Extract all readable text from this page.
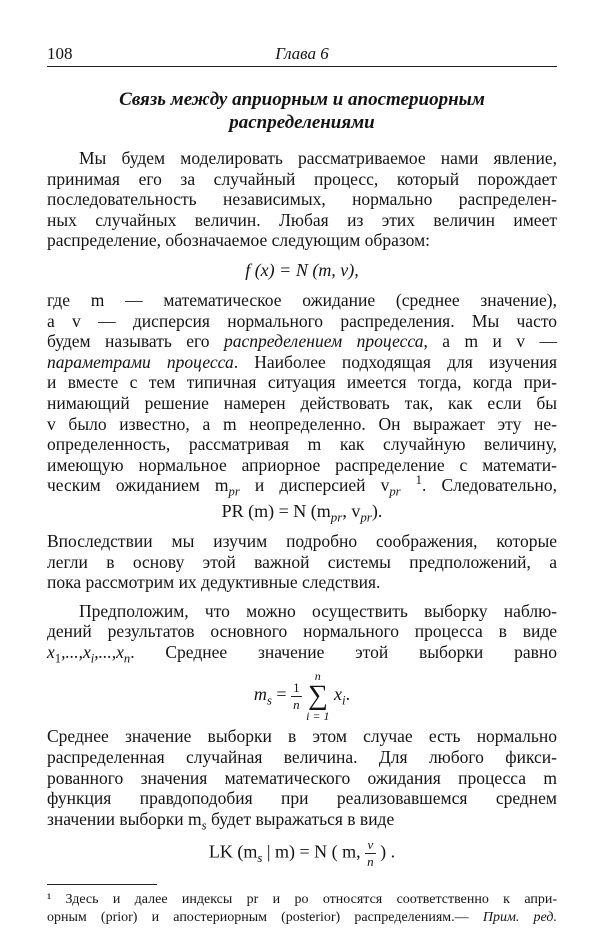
108	Глава 6
Связь между априорным и апостериорным
распределениями

Мы будем моделировать рассматриваемое нами явление,
принимая его за случайный процесс, который порождает
последовательность независимых, нормально распределен-
ных случайных величин. Любая из этих величин имеет
распределение, обозначаемое следующим образом:

f (x) = N (m, v),

где m — математическое ожидание (среднее значение),
а v — дисперсия нормального распределения. Мы часто
будем называть его распределением процесса, а m и v —
параметрами процесса. Наиболее подходящая для изучения
и вместе с тем типичная ситуация имеется тогда, когда при-
нимающий решение намерен действовать так, как если бы
v было известно, а m неопределенно. Он выражает эту не-
определенность, рассматривая m как случайную величину,
имеющую нормальное априорное распределение с математи-
ческим ожиданием $m_{pr}$ и дисперсией $v_{pr}$ $^1$. Следовательно,

PR (m) = N ($m_{pr}$, $v_{pr}$).

Впоследствии мы изучим подробно соображения, которые
легли в основу этой важной системы предположений, а
пока рассмотрим их дедуктивные следствия.

Предположим, что можно осуществить выборку наблю-
дений результатов основного нормального процесса в виде
$x_1,...,x_i,...,x_n$. Среднее значение этой выборки равно

$m_s = \frac{1}{n}$

n
∑
i = 1
$x_i$.

Среднее значение выборки в этом случае есть нормально
распределенная случайная величина. Для любого фикси-
рованного значения математического ожидания процесса m
функция правдоподобия при реализовавшемся среднем
значении выборки $m_s$ будет выражаться в виде

LK ($m_s$ | m) = N ( m, $\frac{v}{n}$ ) .
¹ Здесь и далее индексы pr и po относятся соответственно к апри-
орным (prior) и апостериорным (posterior) распределениям.— Прим. ред.
